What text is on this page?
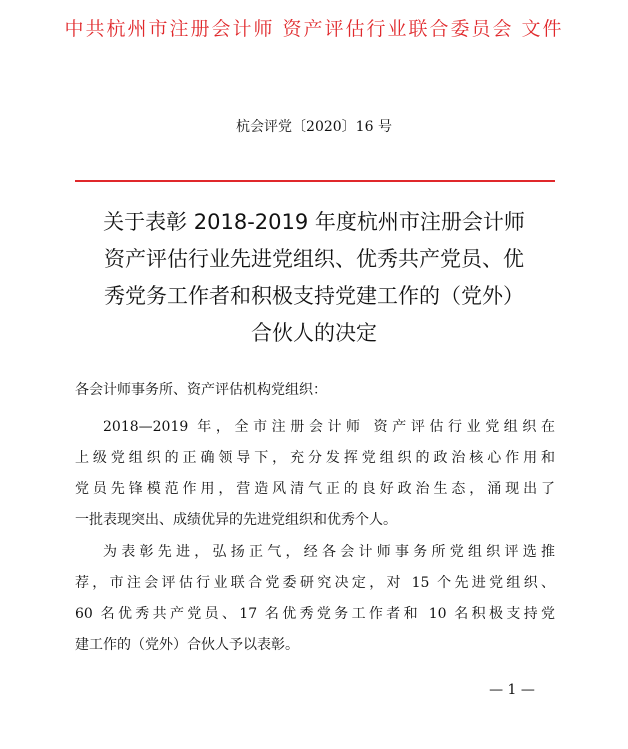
中共杭州市注册会计师 资产评估行业联合委员会 文件
杭会评党〔2020〕16 号
关于表彰 2018-2019 年度杭州市注册会计师
资产评估行业先进党组织、优秀共产党员、优
秀党务工作者和积极支持党建工作的（党外）
合伙人的决定
各会计师事务所、资产评估机构党组织：
2018—2019 年，全市注册会计师 资产评估行业党组织在
上级党组织的正确领导下，充分发挥党组织的政治核心作用和
党员先锋模范作用，营造风清气正的良好政治生态，涌现出了
一批表现突出、成绩优异的先进党组织和优秀个人。
为表彰先进，弘扬正气，经各会计师事务所党组织评选推
荐，市注会评估行业联合党委研究决定，对 15 个先进党组织、
60 名优秀共产党员、17 名优秀党务工作者和 10 名积极支持党
建工作的（党外）合伙人予以表彰。
— 1 —
